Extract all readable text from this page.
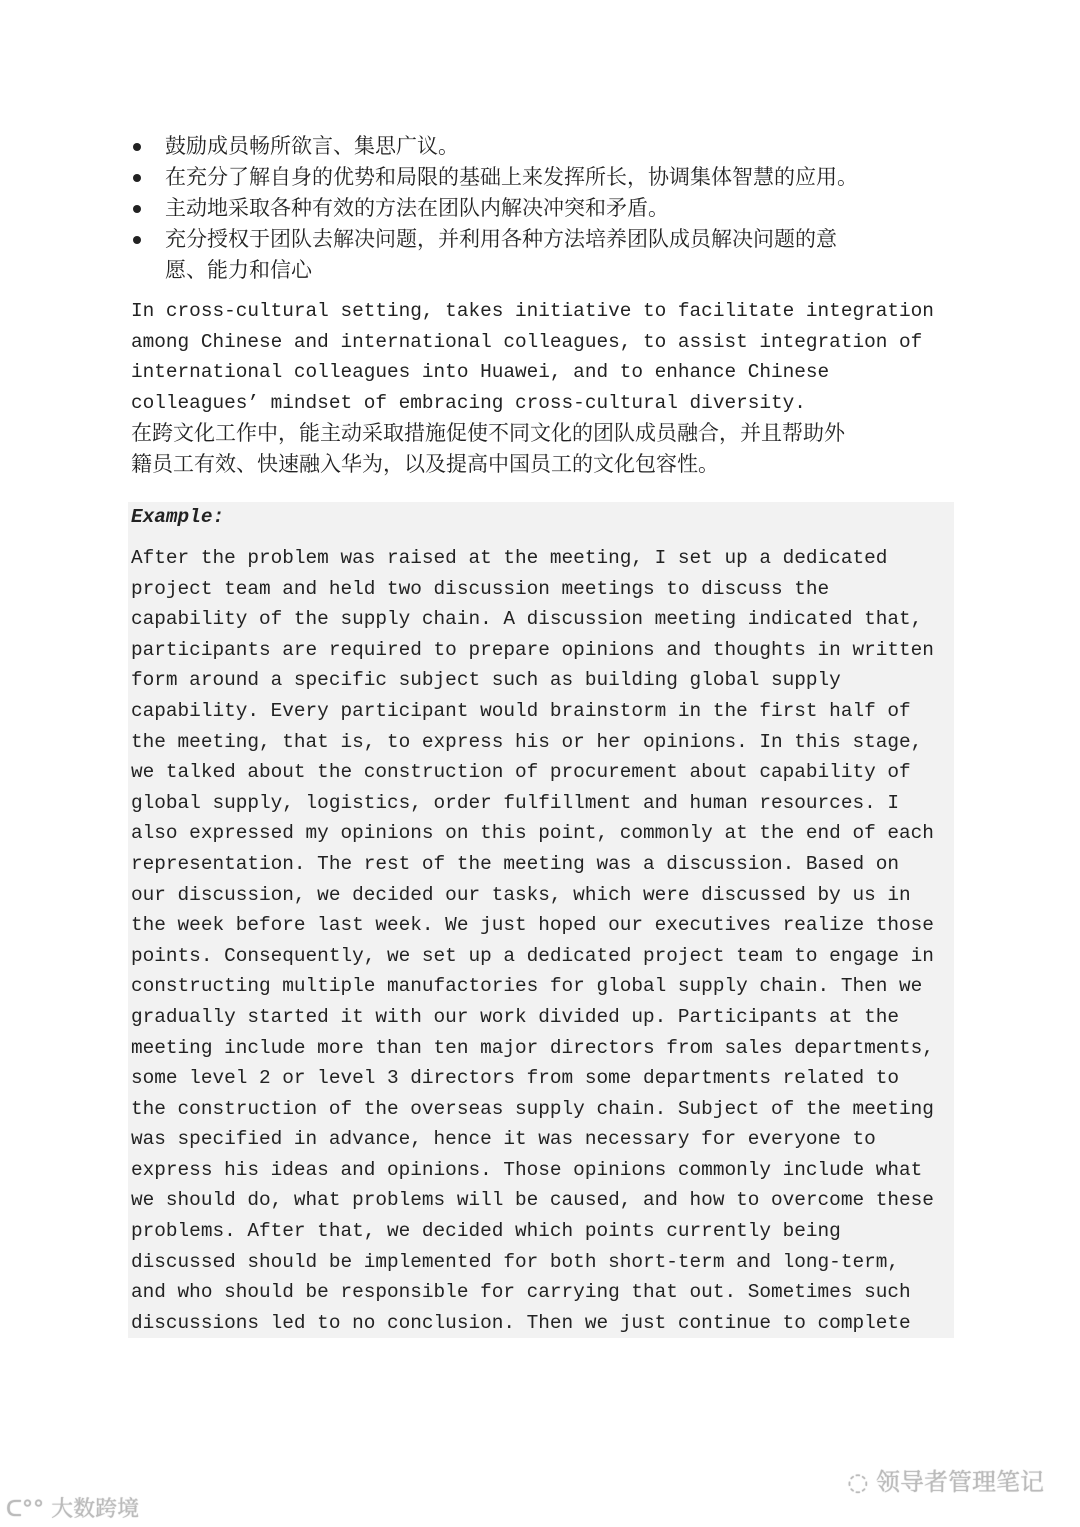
鼓励成员畅所欲言、集思广议。
在充分了解自身的优势和局限的基础上来发挥所长，协调集体智慧的应用。
主动地采取各种有效的方法在团队内解决冲突和矛盾。
充分授权于团队去解决问题，并利用各种方法培养团队成员解决问题的意
愿、能力和信心
In cross-cultural setting, takes initiative to facilitate integration
among Chinese and international colleagues, to assist integration of
international colleagues into Huawei, and to enhance Chinese
colleagues’ mindset of embracing cross-cultural diversity.
在跨文化工作中，能主动采取措施促使不同文化的团队成员融合，并且帮助外
籍员工有效、快速融入华为，以及提高中国员工的文化包容性。
Example:
After the problem was raised at the meeting, I set up a dedicated
project team and held two discussion meetings to discuss the
capability of the supply chain. A discussion meeting indicated that,
participants are required to prepare opinions and thoughts in written
form around a specific subject such as building global supply
capability. Every participant would brainstorm in the first half of
the meeting, that is, to express his or her opinions. In this stage,
we talked about the construction of procurement about capability of
global supply, logistics, order fulfillment and human resources. I
also expressed my opinions on this point, commonly at the end of each
representation. The rest of the meeting was a discussion. Based on
our discussion, we decided our tasks, which were discussed by us in
the week before last week. We just hoped our executives realize those
points. Consequently, we set up a dedicated project team to engage in
constructing multiple manufactories for global supply chain. Then we
gradually started it with our work divided up. Participants at the
meeting include more than ten major directors from sales departments,
some level 2 or level 3 directors from some departments related to
the construction of the overseas supply chain. Subject of the meeting
was specified in advance, hence it was necessary for everyone to
express his ideas and opinions. Those opinions commonly include what
we should do, what problems will be caused, and how to overcome these
problems. After that, we decided which points currently being
discussed should be implemented for both short-term and long-term,
and who should be responsible for carrying that out. Sometimes such
discussions led to no conclusion. Then we just continue to complete
◌ 领导者管理笔记
ᑕ°° 大数跨境
